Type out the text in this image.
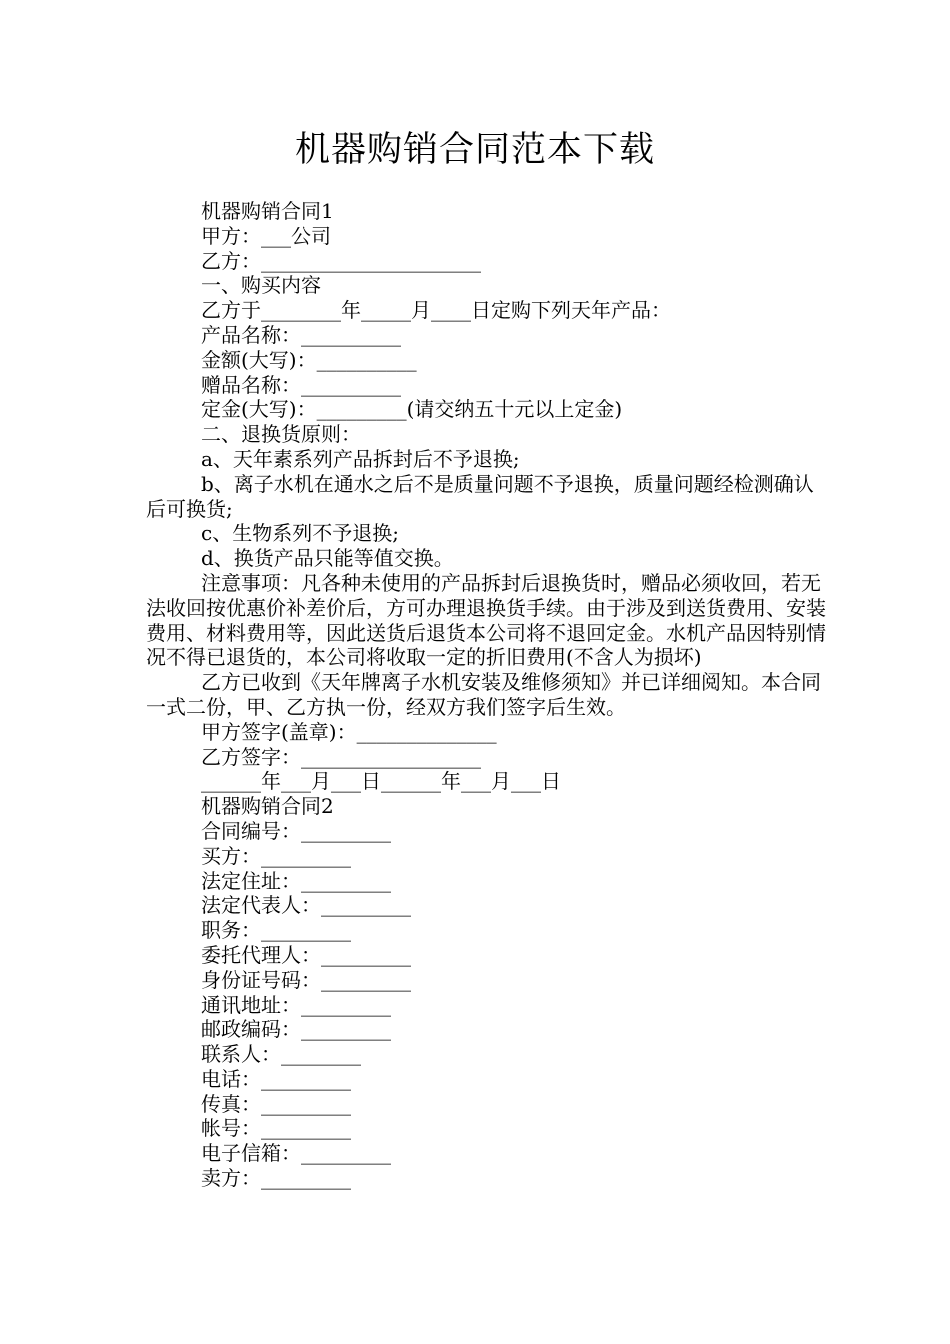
机器购销合同范本下载

机器购销合同1

甲方：___公司

乙方：______________________

一、购买内容

乙方于________年_____月____日定购下列天年产品：

产品名称：__________

金额(大写)：__________

赠品名称：__________

定金(大写)：_________(请交纳五十元以上定金)

二、退换货原则：

a、天年素系列产品拆封后不予退换;

b、离子水机在通水之后不是质量问题不予退换，质量问题经检测确认后可换货;

c、生物系列不予退换;

d、换货产品只能等值交换。

注意事项：凡各种未使用的产品拆封后退换货时，赠品必须收回，若无法收回按优惠价补差价后，方可办理退换货手续。由于涉及到送货费用、安装费用、材料费用等，因此送货后退货本公司将不退回定金。水机产品因特别情况不得已退货的，本公司将收取一定的折旧费用(不含人为损坏)

乙方已收到《天年牌离子水机安装及维修须知》并已详细阅知。本合同一式二份，甲、乙方执一份，经双方我们签字后生效。

甲方签字(盖章)：______________

乙方签字：__________________

______年___月___日______年___月___日

机器购销合同2

合同编号：_________

买方：_________

法定住址：_________

法定代表人：_________

职务：_________

委托代理人：_________

身份证号码：_________

通讯地址：_________

邮政编码：_________

联系人：________

电话：_________

传真：_________

帐号：_________

电子信箱：_________

卖方：_________
